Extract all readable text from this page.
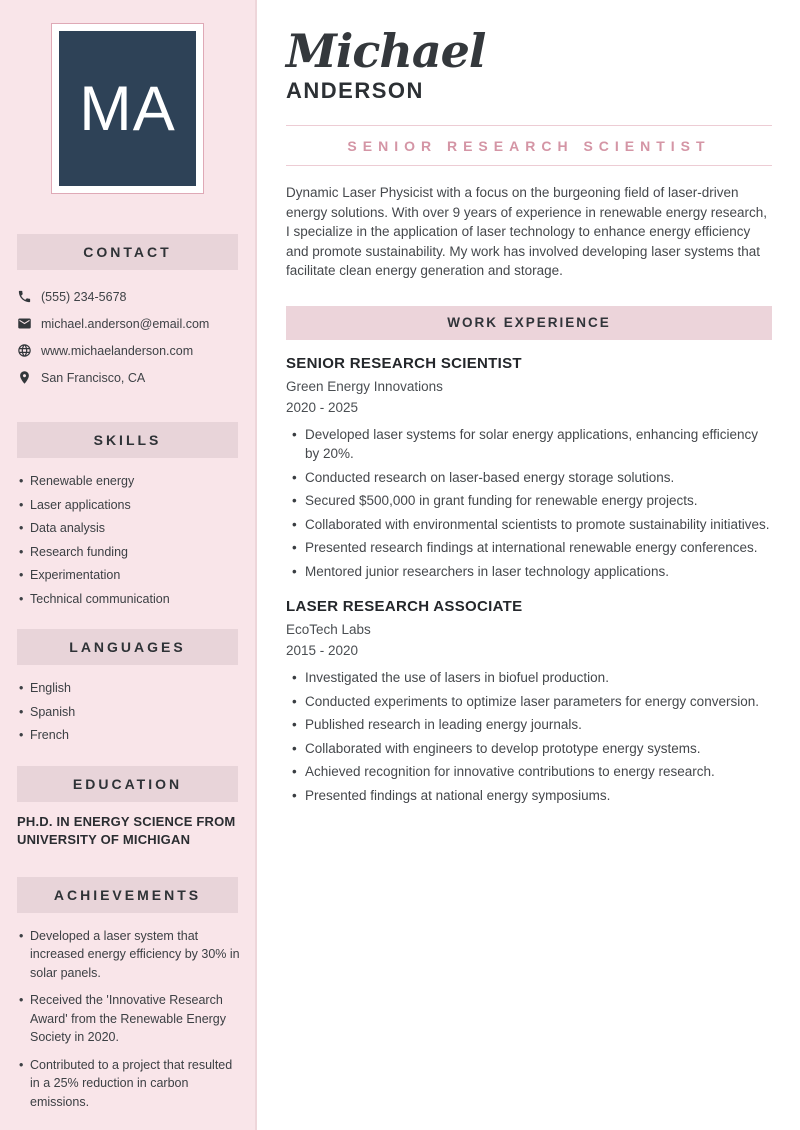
MA
CONTACT
(555) 234-5678
michael.anderson@email.com
www.michaelanderson.com
San Francisco, CA
SKILLS
• Renewable energy
• Laser applications
• Data analysis
• Research funding
• Experimentation
• Technical communication
LANGUAGES
• English
• Spanish
• French
EDUCATION
PH.D. IN ENERGY SCIENCE FROM UNIVERSITY OF MICHIGAN
ACHIEVEMENTS
• Developed a laser system that increased energy efficiency by 30% in solar panels.
• Received the 'Innovative Research Award' from the Renewable Energy Society in 2020.
• Contributed to a project that resulted in a 25% reduction in carbon emissions.
Michael
ANDERSON
SENIOR RESEARCH SCIENTIST

Dynamic Laser Physicist with a focus on the burgeoning field of laser-driven energy solutions. With over 9 years of experience in renewable energy research, I specialize in the application of laser technology to enhance energy efficiency and promote sustainability. My work has involved developing laser systems that facilitate clean energy generation and storage.

WORK EXPERIENCE
SENIOR RESEARCH SCIENTIST
Green Energy Innovations
2020 - 2025
• Developed laser systems for solar energy applications, enhancing efficiency by 20%.
• Conducted research on laser-based energy storage solutions.
• Secured $500,000 in grant funding for renewable energy projects.
• Collaborated with environmental scientists to promote sustainability initiatives.
• Presented research findings at international renewable energy conferences.
• Mentored junior researchers in laser technology applications.
LASER RESEARCH ASSOCIATE
EcoTech Labs
2015 - 2020
• Investigated the use of lasers in biofuel production.
• Conducted experiments to optimize laser parameters for energy conversion.
• Published research in leading energy journals.
• Collaborated with engineers to develop prototype energy systems.
• Achieved recognition for innovative contributions to energy research.
• Presented findings at national energy symposiums.
